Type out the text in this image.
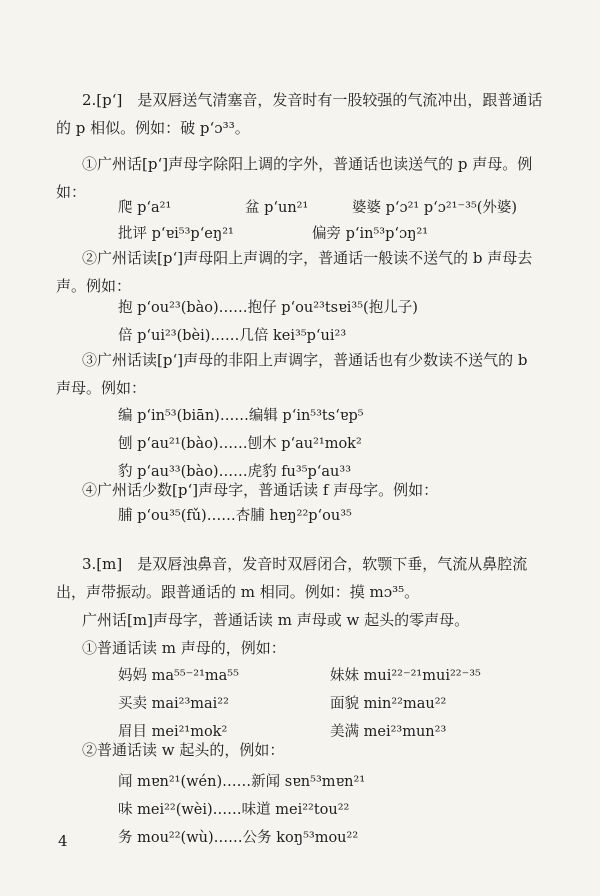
2.[p‘]　是双唇送气清塞音，发音时有一股较强的气流冲出，跟普通话的 p 相似。例如：破 p‘ɔ³³。

①广州话[p‘]声母字除阳上调的字外，普通话也读送气的 p 声母。例如：

爬 p‘a²¹	盆 p‘un²¹	婆婆 p‘ɔ²¹ p‘ɔ²¹⁻³⁵(外婆)
批评 p‘ɐi⁵³p‘eŋ²¹	偏旁 p‘in⁵³p‘ɔŋ²¹

②广州话读[p‘]声母阳上声调的字，普通话一般读不送气的 b 声母去声。例如：

抱 p‘ou²³(bào)……抱仔 p‘ou²³tsɐi³⁵(抱儿子)
倍 p‘ui²³(bèi)……几倍 kei³⁵p‘ui²³

③广州话读[p‘]声母的非阳上声调字，普通话也有少数读不送气的 b 声母。例如：

编 p‘in⁵³(biān)……编辑 p‘in⁵³ts‘ɐp⁵
刨 p‘au²¹(bào)……刨木 p‘au²¹mok²
豹 p‘au³³(bào)……虎豹 fu³⁵p‘au³³

④广州话少数[p‘]声母字，普通话读 f 声母字。例如：

脯 p‘ou³⁵(fǔ)……杏脯 hɐŋ²²p‘ou³⁵

3.[m]　是双唇浊鼻音，发音时双唇闭合，软颚下垂，气流从鼻腔流出，声带振动。跟普通话的 m 相同。例如：摸 mɔ³⁵。

广州话[m]声母字，普通话读 m 声母或 w 起头的零声母。

①普通话读 m 声母的，例如：

妈妈 ma⁵⁵⁻²¹ma⁵⁵	妹妹 mui²²⁻²¹mui²²⁻³⁵
买卖 mai²³mai²²	面貌 min²²mau²²
眉目 mei²¹mok²	美满 mei²³mun²³

②普通话读 w 起头的，例如：

闻 mɐn²¹(wén)……新闻 sɐn⁵³mɐn²¹
味 mei²²(wèi)……味道 mei²²tou²²
务 mou²²(wù)……公务 koŋ⁵³mou²²
4
